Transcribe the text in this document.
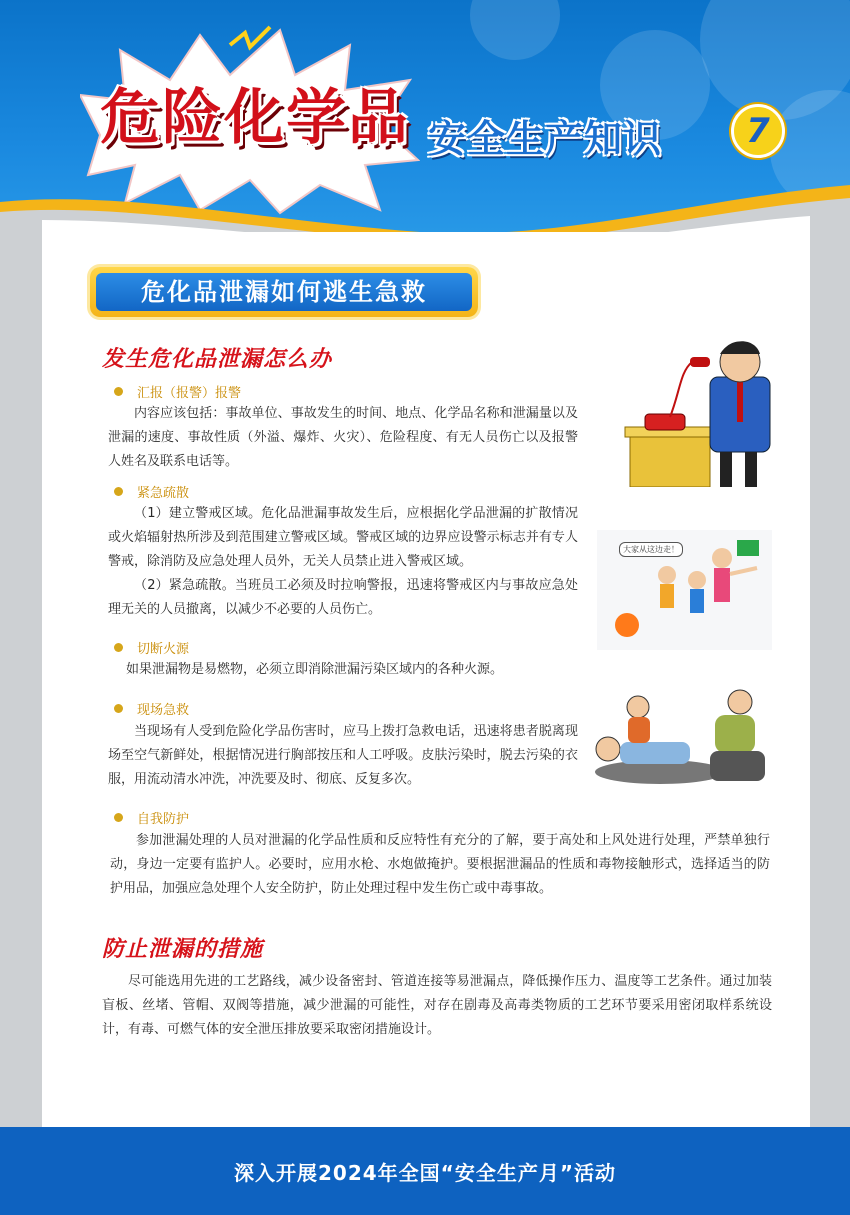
危险化学品 安全生产知识	7
危化品泄漏如何逃生急救
发生危化品泄漏怎么办
汇报（报警）报警
内容应该包括：事故单位、事故发生的时间、地点、化学品名称和泄漏量以及泄漏的速度、事故性质（外溢、爆炸、火灾）、危险程度、有无人员伤亡以及报警人姓名及联系电话等。
紧急疏散
（1）建立警戒区域。危化品泄漏事故发生后，应根据化学品泄漏的扩散情况或火焰辐射热所涉及到范围建立警戒区域。警戒区域的边界应设警示标志并有专人警戒，除消防及应急处理人员外，无关人员禁止进入警戒区域。
（2）紧急疏散。当班员工必须及时拉响警报，迅速将警戒区内与事故应急处理无关的人员撤离，以减少不必要的人员伤亡。
大家从这边走！
切断火源
如果泄漏物是易燃物，必须立即消除泄漏污染区域内的各种火源。
现场急救
当现场有人受到危险化学品伤害时，应马上拨打急救电话，迅速将患者脱离现场至空气新鲜处，根据情况进行胸部按压和人工呼吸。皮肤污染时，脱去污染的衣服，用流动清水冲洗，冲洗要及时、彻底、反复多次。
自我防护
参加泄漏处理的人员对泄漏的化学品性质和反应特性有充分的了解，要于高处和上风处进行处理，严禁单独行动，身边一定要有监护人。必要时，应用水枪、水炮做掩护。要根据泄漏品的性质和毒物接触形式，选择适当的防护用品，加强应急处理个人安全防护，防止处理过程中发生伤亡或中毒事故。
防止泄漏的措施
尽可能选用先进的工艺路线，减少设备密封、管道连接等易泄漏点，降低操作压力、温度等工艺条件。通过加装盲板、丝堵、管帽、双阀等措施，减少泄漏的可能性，对存在剧毒及高毒类物质的工艺环节要采用密闭取样系统设计，有毒、可燃气体的安全泄压排放要采取密闭措施设计。
深入开展2024年全国“安全生产月”活动
